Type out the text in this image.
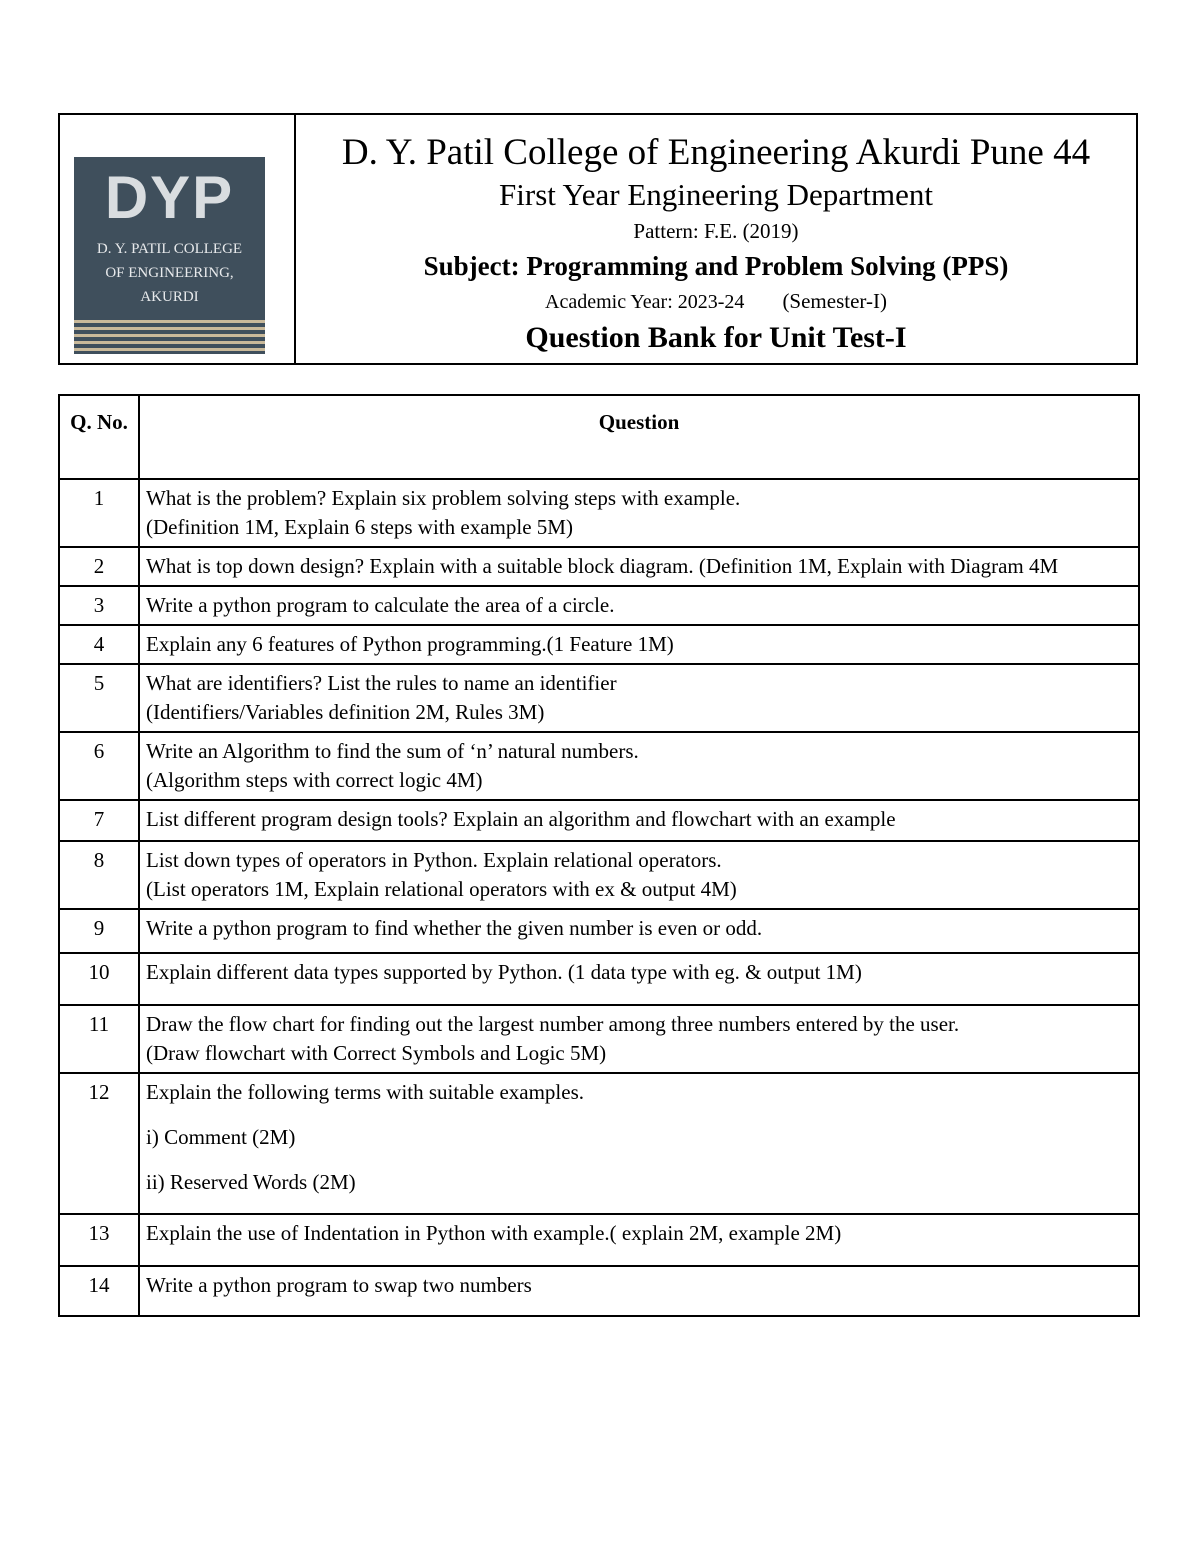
DYP
D. Y. PATIL COLLEGE
OF ENGINEERING,
AKURDI
D. Y. Patil College of Engineering Akurdi Pune 44
First Year Engineering Department
Pattern: F.E. (2019)
Subject: Programming and Problem Solving (PPS)
Academic Year: 2023-24 (Semester-I)
Question Bank for Unit Test-I
Q. No.	Question
1	What is the problem? Explain six problem solving steps with example.
(Definition 1M, Explain 6 steps with example 5M)

2	What is top down design? Explain with a suitable block diagram. (Definition 1M, Explain with Diagram 4M

3	Write a python program to calculate the area of a circle.

4	Explain any 6 features of Python programming.(1 Feature 1M)

5	What are identifiers? List the rules to name an identifier
(Identifiers/Variables definition 2M, Rules 3M)

6	Write an Algorithm to find the sum of ‘n’ natural numbers.
(Algorithm steps with correct logic 4M)

7	List different program design tools? Explain an algorithm and flowchart with an example

8	List down types of operators in Python. Explain relational operators.
(List operators 1M, Explain relational operators with ex & output 4M)

9	Write a python program to find whether the given number is even or odd.

10	Explain different data types supported by Python. (1 data type with eg. & output 1M)

11	Draw the flow chart for finding out the largest number among three numbers entered by the user.
(Draw flowchart with Correct Symbols and Logic 5M)

12	Explain the following terms with suitable examples.
i) Comment (2M)
ii) Reserved Words (2M)

13	Explain the use of Indentation in Python with example.( explain 2M, example 2M)

14	Write a python program to swap two numbers
